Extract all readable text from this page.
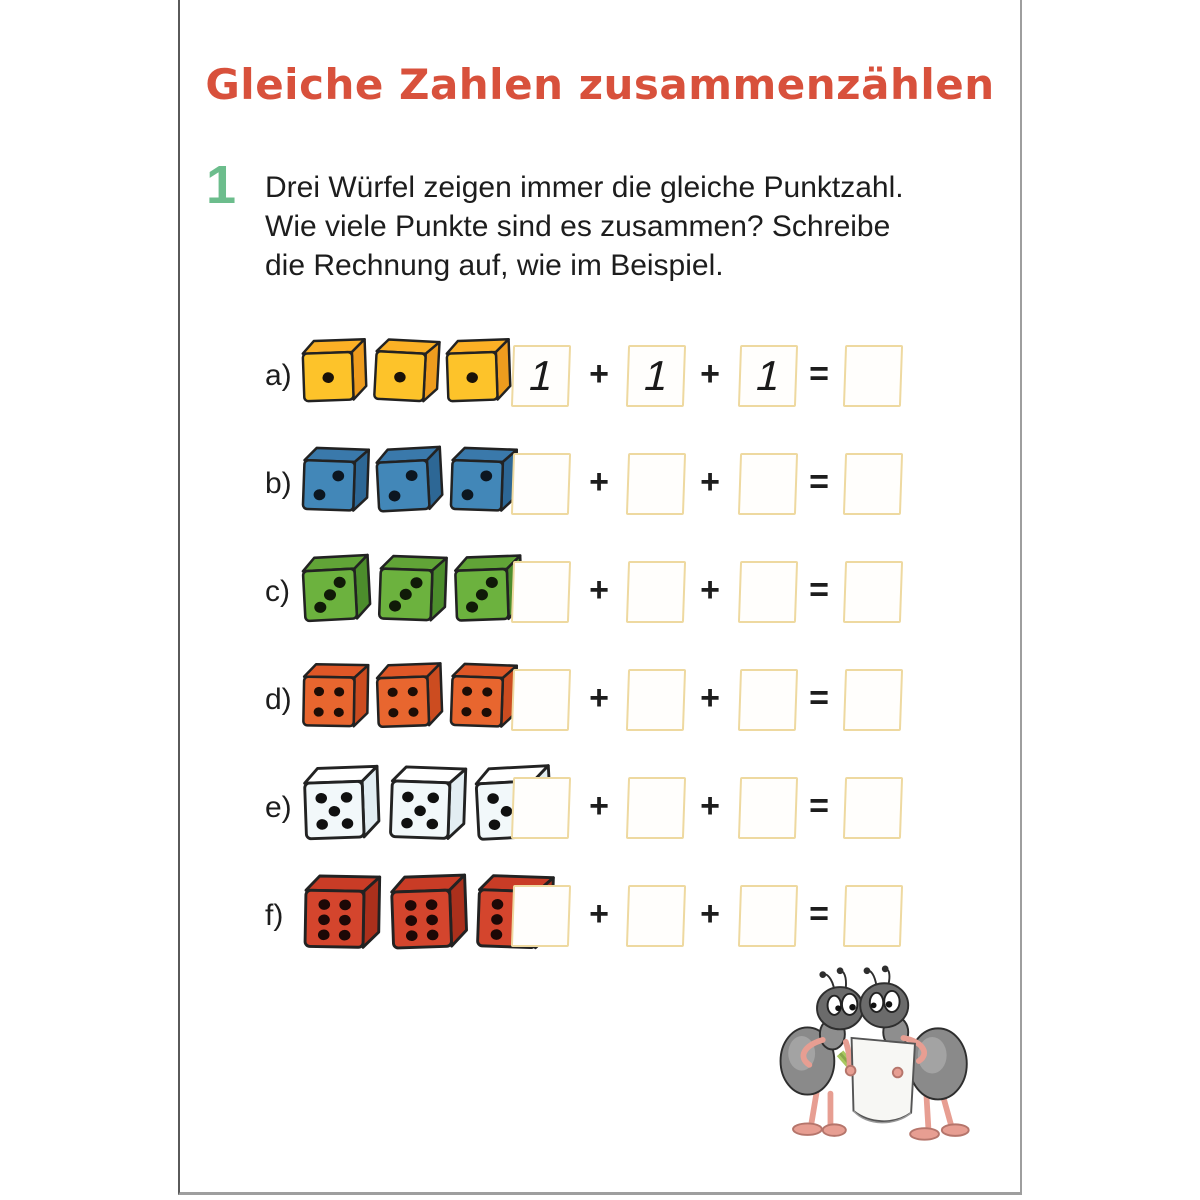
Gleiche Zahlen zusammenzählen
1 Drei Würfel zeigen immer die gleiche Punktzahl.
Wie viele Punkte sind es zusammen? Schreibe
die Rechnung auf, wie im Beispiel.
a)	1	+ 1 + 1 =
b)	+	+	=
c)	+	+	=
d)	+	+	=
e)	+	+	=
f)	+	+	=
